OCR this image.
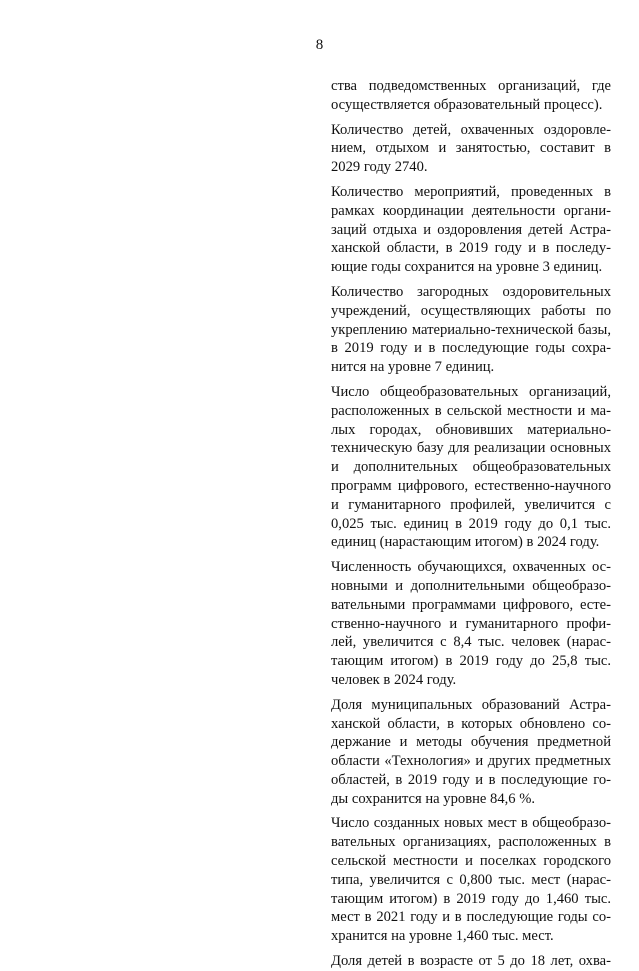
8
ства подведомственных организаций, где
осуществляется образовательный процесс).
Количество детей, охваченных оздоровле-
нием, отдыхом и занятостью, составит в
2029 году 2740.
Количество мероприятий, проведенных в
рамках координации деятельности органи-
заций отдыха и оздоровления детей Астра-
ханской области, в 2019 году и в последу-
ющие годы сохранится на уровне 3 единиц.
Количество загородных оздоровительных
учреждений, осуществляющих работы по
укреплению материально-технической базы,
в 2019 году и в последующие годы сохра-
нится на уровне 7 единиц.
Число общеобразовательных организаций,
расположенных в сельской местности и ма-
лых городах, обновивших материально-
техническую базу для реализации основных
и дополнительных общеобразовательных
программ цифрового, естественно-научного
и гуманитарного профилей, увеличится с
0,025 тыс. единиц в 2019 году до 0,1 тыс.
единиц (нарастающим итогом) в 2024 году.
Численность обучающихся, охваченных ос-
новными и дополнительными общеобразо-
вательными программами цифрового, есте-
ственно-научного и гуманитарного профи-
лей, увеличится с 8,4 тыс. человек (нарас-
тающим итогом) в 2019 году до 25,8 тыс.
человек в 2024 году.
Доля муниципальных образований Астра-
ханской области, в которых обновлено со-
держание и методы обучения предметной
области «Технология» и других предметных
областей, в 2019 году и в последующие го-
ды сохранится на уровне 84,6 %.
Число созданных новых мест в общеобразо-
вательных организациях, расположенных в
сельской местности и поселках городского
типа, увеличится с 0,800 тыс. мест (нарас-
тающим итогом) в 2019 году до 1,460 тыс.
мест в 2021 году и в последующие годы со-
хранится на уровне 1,460 тыс. мест.
Доля детей в возрасте от 5 до 18 лет, охва-
